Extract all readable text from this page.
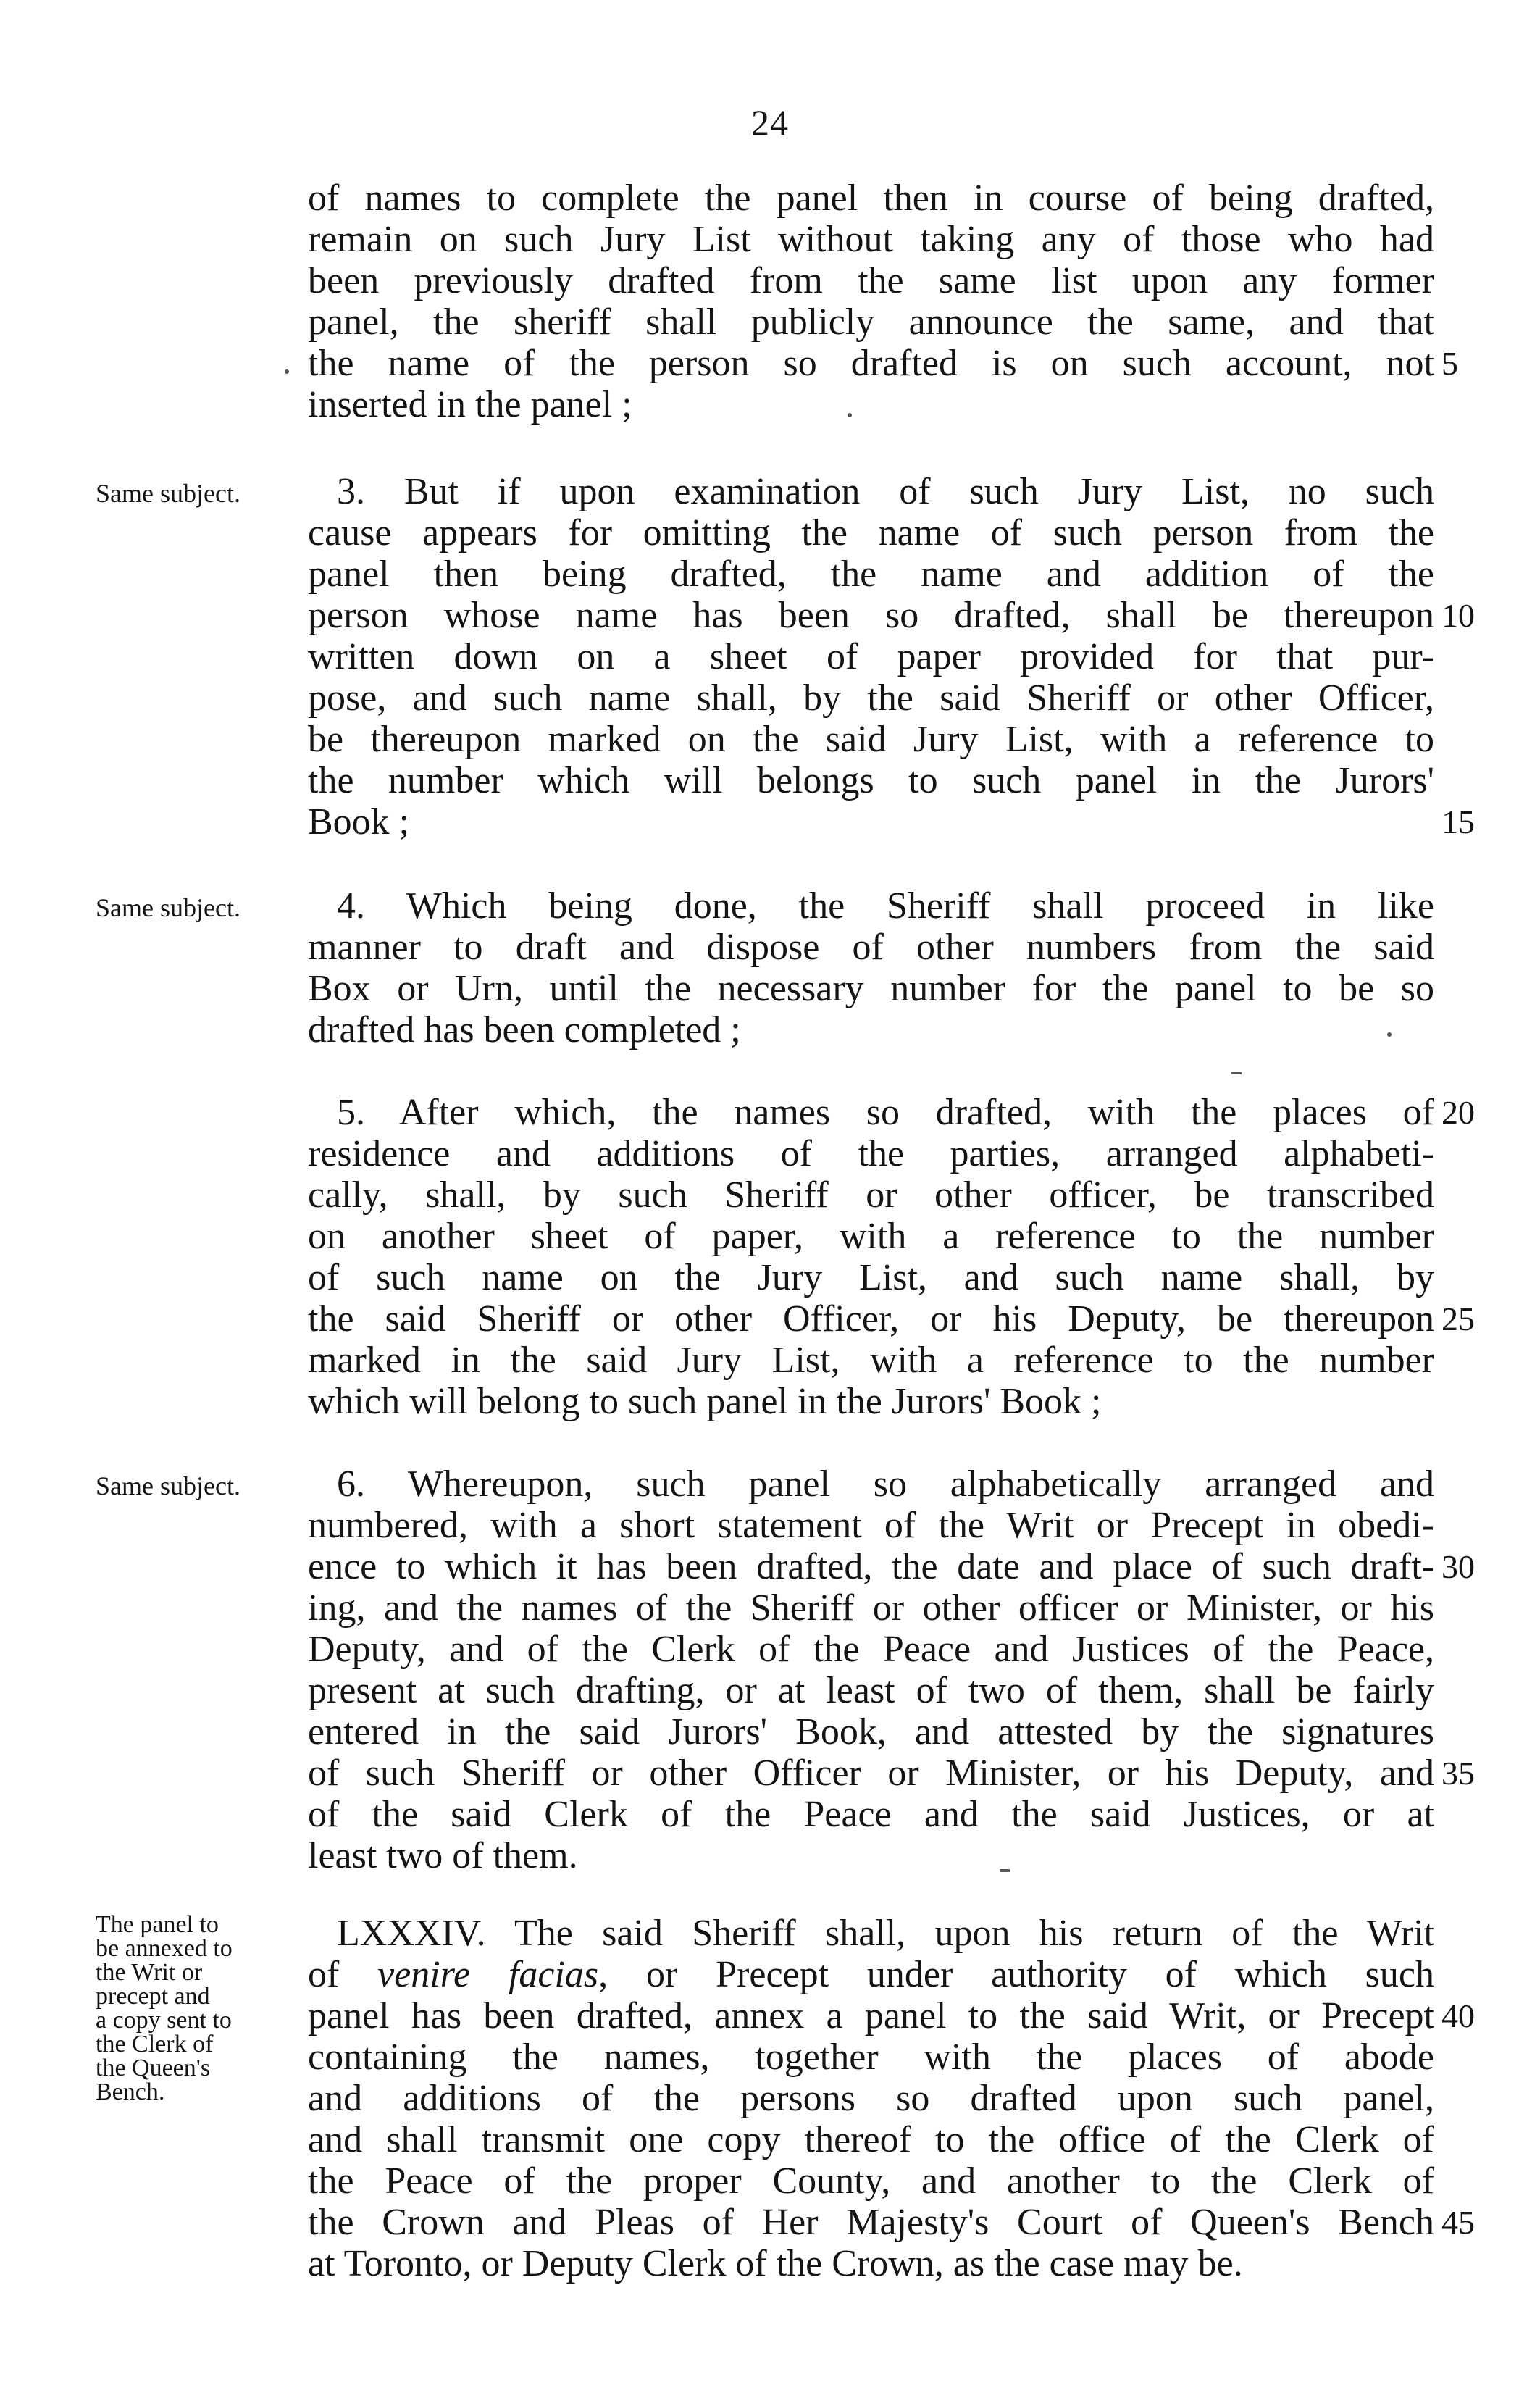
24
of names to complete the panel then in course of being drafted,
remain on such Jury List without taking any of those who had
been previously drafted from the same list upon any former
panel, the sheriff shall publicly announce the same, and that
the name of the person so drafted is on such account, not
inserted in the panel ;
5
Same subject.	3. But if upon examination of such Jury List, no such
cause appears for omitting the name of such person from the
panel then being drafted, the name and addition of the
person whose name has been so drafted, shall be thereupon
written down on a sheet of paper provided for that pur-
pose, and such name shall, by the said Sheriff or other Officer,
be thereupon marked on the said Jury List, with a reference to
the number which will belongs to such panel in the Jurors'
Book ;
10
15
Same subject.	4. Which being done, the Sheriff shall proceed in like
manner to draft and dispose of other numbers from the said
Box or Urn, until the necessary number for the panel to be so
drafted has been completed ;
5. After which, the names so drafted, with the places of
residence and additions of the parties, arranged alphabeti-
cally, shall, by such Sheriff or other officer, be transcribed
on another sheet of paper, with a reference to the number
of such name on the Jury List, and such name shall, by
the said Sheriff or other Officer, or his Deputy, be thereupon
marked in the said Jury List, with a reference to the number
which will belong to such panel in the Jurors' Book ;
20
25
Same subject.	6. Whereupon, such panel so alphabetically arranged and
numbered, with a short statement of the Writ or Precept in obedi-
ence to which it has been drafted, the date and place of such draft-
ing, and the names of the Sheriff or other officer or Minister, or his
Deputy, and of the Clerk of the Peace and Justices of the Peace,
present at such drafting, or at least of two of them, shall be fairly
entered in the said Jurors' Book, and attested by the signatures
of such Sheriff or other Officer or Minister, or his Deputy, and
of the said Clerk of the Peace and the said Justices, or at
least two of them.
30
35
The panel to
be annexed to
the Writ or
precept and
a copy sent to
the Clerk of
the Queen's
Bench.
LXXXIV. The said Sheriff shall, upon his return of the Writ
of venire facias, or Precept under authority of which such
panel has been drafted, annex a panel to the said Writ, or Precept
containing the names, together with the places of abode
and additions of the persons so drafted upon such panel,
and shall transmit one copy thereof to the office of the Clerk of
the Peace of the proper County, and another to the Clerk of
the Crown and Pleas of Her Majesty's Court of Queen's Bench
at Toronto, or Deputy Clerk of the Crown, as the case may be.
40
45
